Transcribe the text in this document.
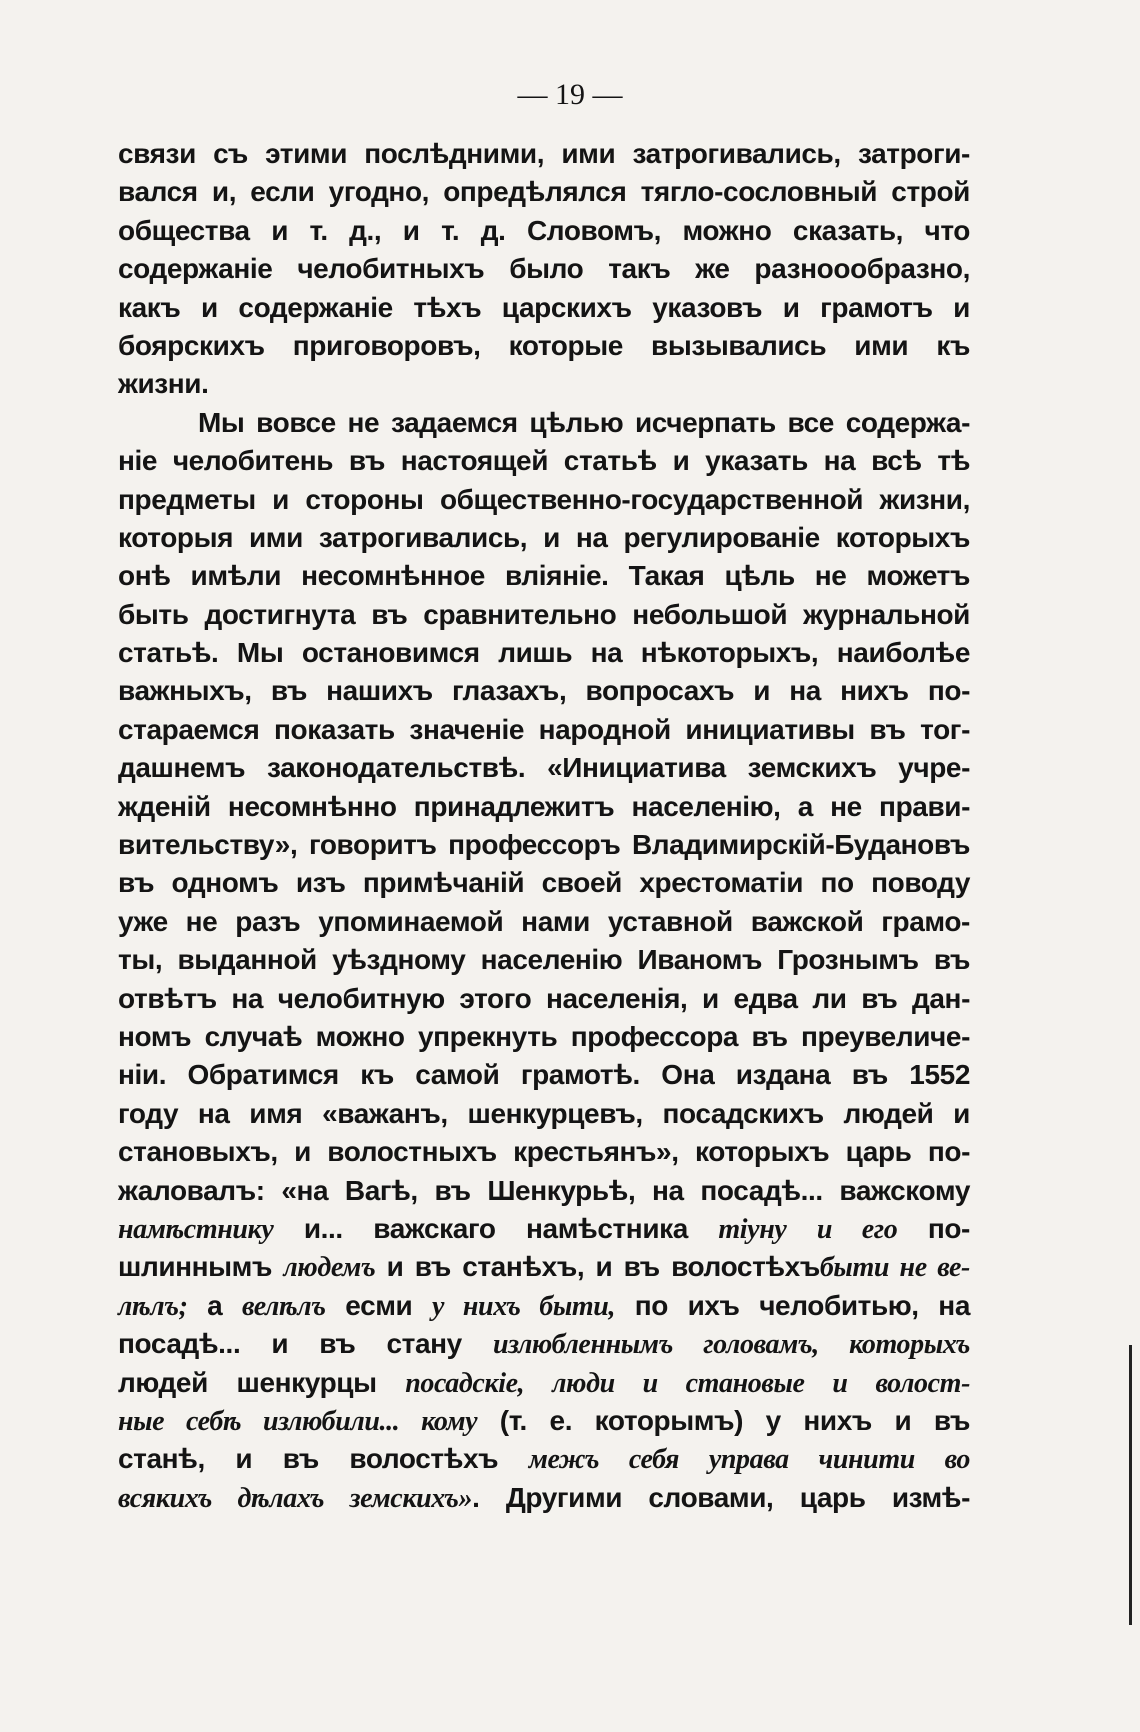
— 19 —
связи съ этими послѣдними, ими затрогивались, затроги-
вался и, если угодно, опредѣлялся тягло-сословный строй
общества и т. д., и т. д. Словомъ, можно сказать, что
содержаніе челобитныхъ было такъ же разноообразно,
какъ и содержаніе тѣхъ царскихъ указовъ и грамотъ и
боярскихъ приговоровъ, которые вызывались ими къ
жизни.
Мы вовсе не задаемся цѣлью исчерпать все содержа-
ніе челобитень въ настоящей статьѣ и указать на всѣ тѣ
предметы и стороны общественно-государственной жизни,
которыя ими затрогивались, и на регулированіе которыхъ
онѣ имѣли несомнѣнное вліяніе. Такая цѣль не можетъ
быть достигнута въ сравнительно небольшой журнальной
статьѣ. Мы остановимся лишь на нѣкоторыхъ, наиболѣе
важныхъ, въ нашихъ глазахъ, вопросахъ и на нихъ по-
стараемся показать значеніе народной инициативы въ тог-
дашнемъ законодательствѣ. «Инициатива земскихъ учре-
жденій несомнѣнно принадлежитъ населенію, а не прави-
вительству», говоритъ профессоръ Владимирскій-Будановъ
въ одномъ изъ примѣчаній своей хрестоматіи по поводу
уже не разъ упоминаемой нами уставной важской грамо-
ты, выданной уѣздному населенію Иваномъ Грознымъ въ
отвѣтъ на челобитную этого населенія, и едва ли въ дан-
номъ случаѣ можно упрекнуть профессора въ преувеличе-
ніи. Обратимся къ самой грамотѣ. Она издана въ 1552
году на имя «важанъ, шенкурцевъ, посадскихъ людей и
становыхъ, и волостныхъ крестьянъ», которыхъ царь по-
жаловалъ: «на Вагѣ, въ Шенкурьѣ, на посадѣ... важскому
намѣстнику и... важскаго намѣстника тіуну и его по-
шлиннымъ людемъ и въ станѣхъ, и въ волостѣхъбыти не ве-
лѣлъ; а велѣлъ есми у нихъ быти, по ихъ челобитью, на
посадѣ... и въ стану излюбленнымъ головамъ, которыхъ
людей шенкурцы посадскіе, люди и становые и волост-
ные себѣ излюбили... кому (т. е. которымъ) у нихъ и въ
станѣ, и въ волостѣхъ межъ себя управа чинити во
всякихъ дѣлахъ земскихъ». Другими словами, царь измѣ-
